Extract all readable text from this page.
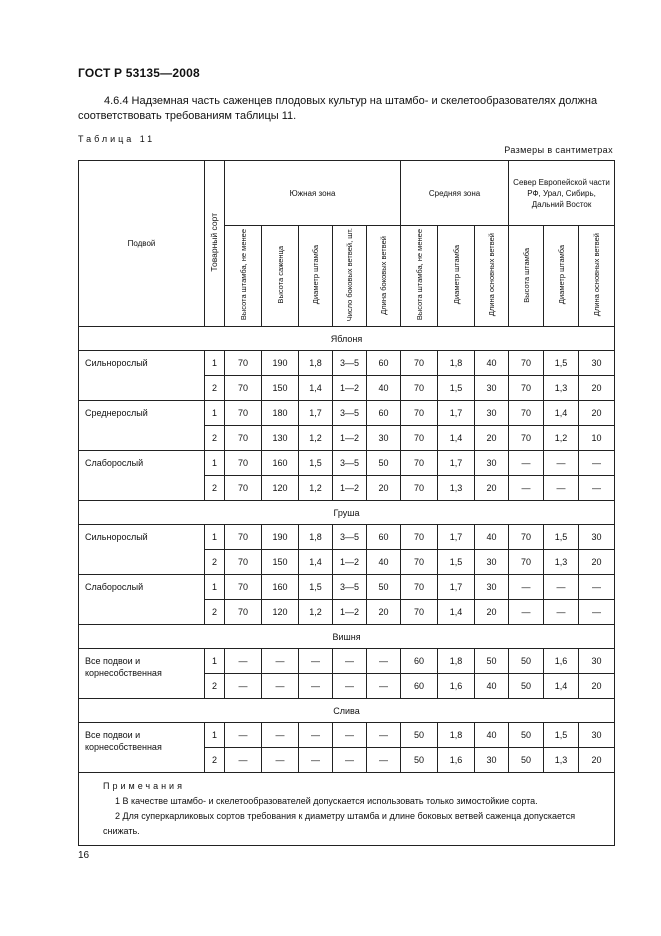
ГОСТ Р 53135—2008
4.6.4 Надземная часть саженцев плодовых культур на штамбо- и скелетообразователях должна соответствовать требованиям таблицы 11.
Таблица 11
Размеры в сантиметрах
Подвой	Товарный сорт	Южная зона					Средняя зона			Север Европейской части РФ, Урал, Сибирь, Дальний Восток		
		Высота штамба, не менее	Высота саженца	Диаметр штамба	Число боковых ветвей, шт.	Длина боковых ветвей	Высота штамба, не менее	Диаметр штамба	Длина основных ветвей	Высота штамба	Диаметр штамба	Длина основных ветвей
Яблоня												
Сильнорослый	1	70	190	1,8	3—5	60	70	1,8	40	70	1,5	30
	2	70	150	1,4	1—2	40	70	1,5	30	70	1,3	20
Среднерослый	1	70	180	1,7	3—5	60	70	1,7	30	70	1,4	20
	2	70	130	1,2	1—2	30	70	1,4	20	70	1,2	10
Слаборослый	1	70	160	1,5	3—5	50	70	1,7	30	—	—	—
	2	70	120	1,2	1—2	20	70	1,3	20	—	—	—
Груша												
Сильнорослый	1	70	190	1,8	3—5	60	70	1,7	40	70	1,5	30
	2	70	150	1,4	1—2	40	70	1,5	30	70	1,3	20
Слаборослый	1	70	160	1,5	3—5	50	70	1,7	30	—	—	—
	2	70	120	1,2	1—2	20	70	1,4	20	—	—	—
Вишня												
Все подвои и корнесобственная	1	—	—	—	—	—	60	1,8	50	50	1,6	30
	2	—	—	—	—	—	60	1,6	40	50	1,4	20
Слива												
Все подвои и корнесобственная	1	—	—	—	—	—	50	1,8	40	50	1,5	30
	2	—	—	—	—	—	50	1,6	30	50	1,3	20

Примечания
1 В качестве штамбо- и скелетообразователей допускается использовать только зимостойкие сорта.
2 Для суперкарликовых сортов требования к диаметру штамба и длине боковых ветвей саженца допускается снижать.												
16
